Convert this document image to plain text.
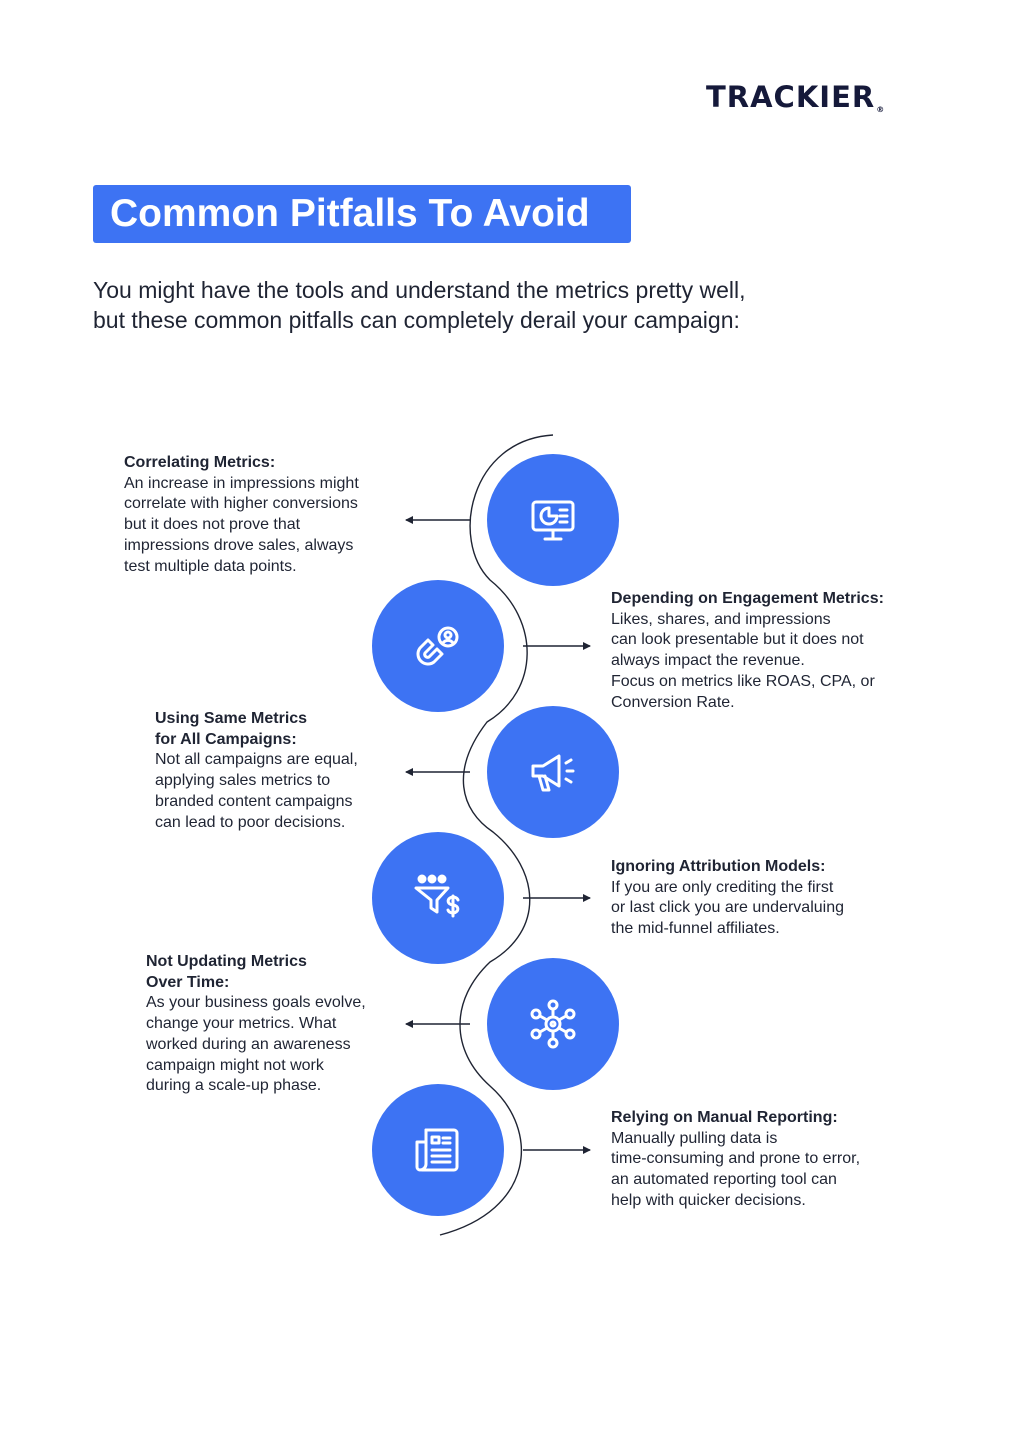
TRACKIER®
Common Pitfalls To Avoid
You might have the tools and understand the metrics pretty well,
but these common pitfalls can completely derail your campaign:
Correlating Metrics:
An increase in impressions might
correlate with higher conversions
but it does not prove that
impressions drove sales, always
test multiple data points.
Depending on Engagement Metrics:
Likes, shares, and impressions
can look presentable but it does not
always impact the revenue.
Focus on metrics like ROAS, CPA, or
Conversion Rate.
Using Same Metrics
for All Campaigns:
Not all campaigns are equal,
applying sales metrics to
branded content campaigns
can lead to poor decisions.
Ignoring Attribution Models:
If you are only crediting the first
or last click you are undervaluing
the mid-funnel affiliates.
Not Updating Metrics
Over Time:
As your business goals evolve,
change your metrics. What
worked during an awareness
campaign might not work
during a scale-up phase.
Relying on Manual Reporting:
Manually pulling data is
time-consuming and prone to error,
an automated reporting tool can
help with quicker decisions.
